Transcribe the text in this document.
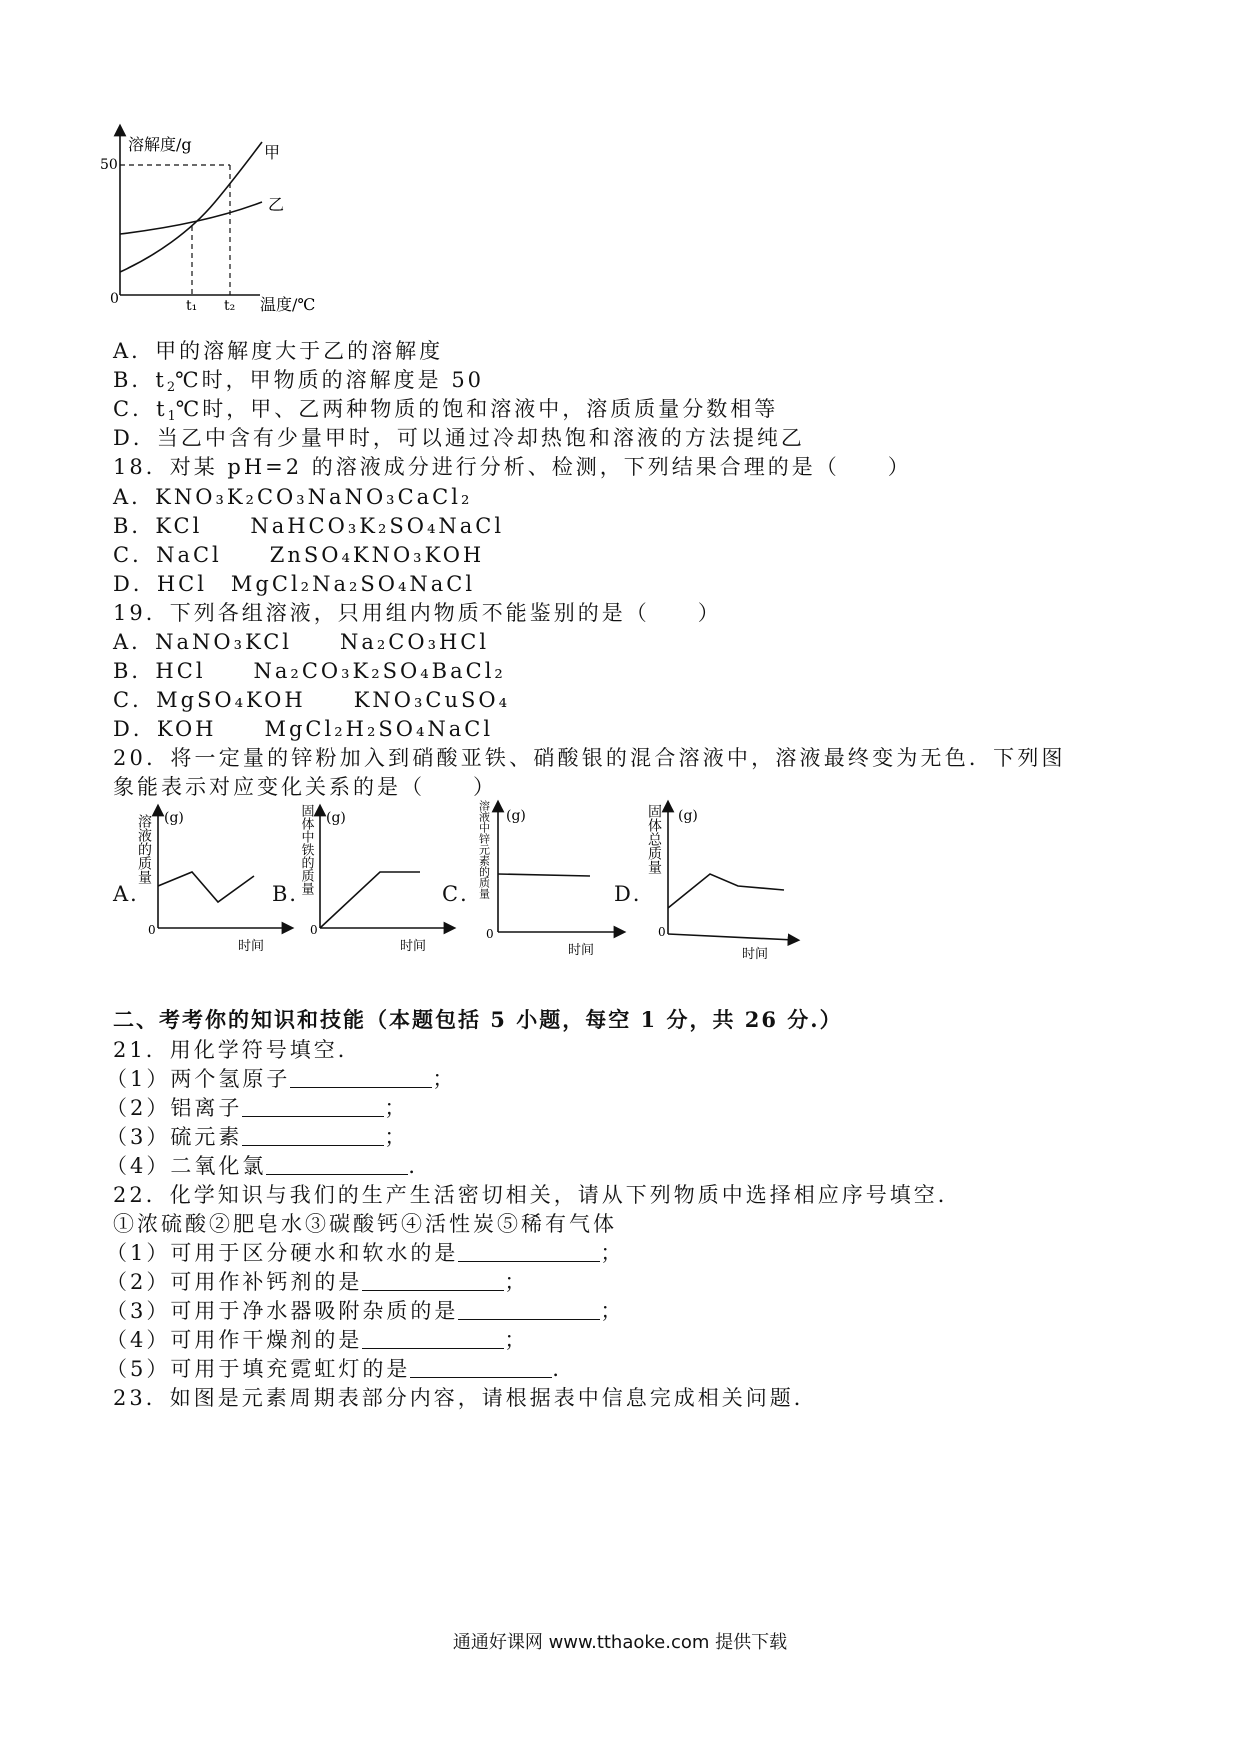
溶解度/g
温度/℃
0
50
t₁ t₂
甲
乙
A．甲的溶解度大于乙的溶解度
B．$t_2℃$时，甲物质的溶解度是 50
C．$t_1℃$时，甲、乙两种物质的饱和溶液中，溶质质量分数相等
D．当乙中含有少量甲时，可以通过冷却热饱和溶液的方法提纯乙
18．对某 pH=2 的溶液成分进行分析、检测，下列结果合理的是（　　）
A．KNO₃K₂CO₃NaNO₃CaCl₂
B．KCl　　NaHCO₃K₂SO₄NaCl
C．NaCl　　ZnSO₄KNO₃KOH
D．HCl　MgCl₂Na₂SO₄NaCl
19．下列各组溶液，只用组内物质不能鉴别的是（　　）
A．NaNO₃KCl　　Na₂CO₃HCl
B．HCl　　Na₂CO₃K₂SO₄BaCl₂
C．MgSO₄KOH　　KNO₃CuSO₄
D．KOH　　MgCl₂H₂SO₄NaCl
20．将一定量的锌粉加入到硝酸亚铁、硝酸银的混合溶液中，溶液最终变为无色．下列图
象能表示对应变化关系的是（　　）
A．
(g)
溶液的质量
0
时间
B．
(g)
固体中铁的质量
0
时间
C．
(g)
溶液中锌元素的质量
0
时间
D．
(g)
固体总质量
0
时间
二、考考你的知识和技能（本题包括 5 小题，每空 1 分，共 26 分.）
21．用化学符号填空．
（1）两个氢原子	；
（2）铝离子	；
（3）硫元素	；
（4）二氧化氯	．
22．化学知识与我们的生产生活密切相关，请从下列物质中选择相应序号填空．
①浓硫酸②肥皂水③碳酸钙④活性炭⑤稀有气体
（1）可用于区分硬水和软水的是	；
（2）可用作补钙剂的是	；
（3）可用于净水器吸附杂质的是	；
（4）可用作干燥剂的是	；
（5）可用于填充霓虹灯的是	．
23．如图是元素周期表部分内容，请根据表中信息完成相关问题．
通通好课网 www.tthaoke.com 提供下载
